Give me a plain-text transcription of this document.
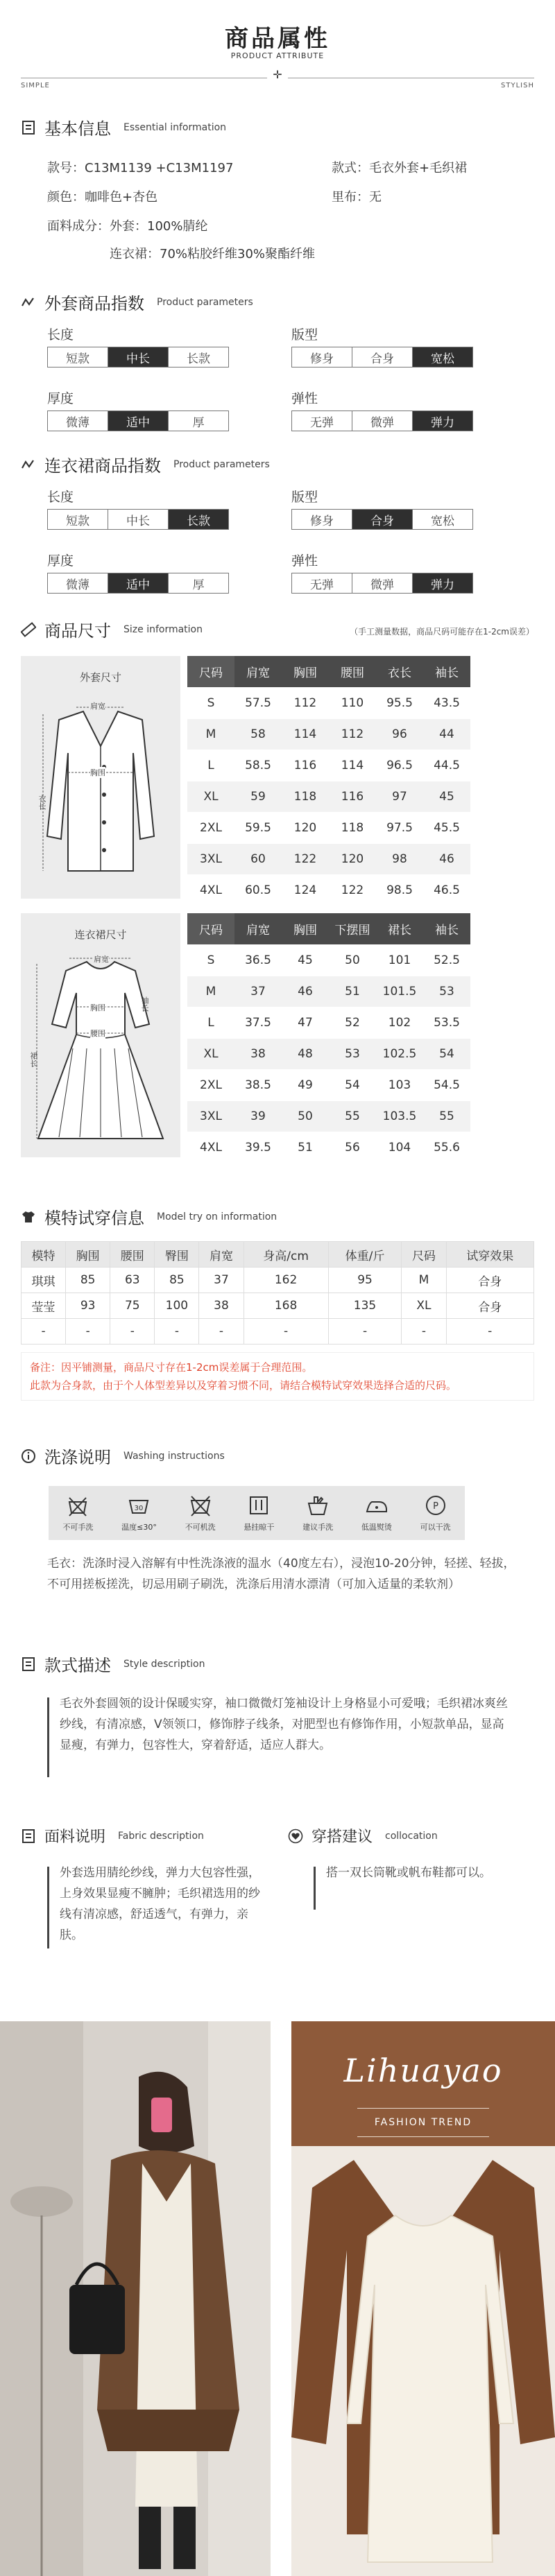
商品属性
PRODUCT ATTRIBUTE
✛
SIMPLE	STYLISH
基本信息 Essential information
款号：C13M1139 +C13M1197	款式：毛衣外套+毛织裙
颜色：咖啡色+杏色	里布：无
面料成分：外套：100%腈纶
连衣裙：70%粘胶纤维30%聚酯纤维
外套商品指数 Product parameters
长度
短款	中长	长款
版型
修身	合身	宽松
厚度
微薄	适中	厚
弹性
无弹	微弹	弹力
连衣裙商品指数 Product parameters
长度
短款	中长	长款
版型
修身	合身	宽松
厚度
微薄	适中	厚
弹性
无弹	微弹	弹力
商品尺寸 Size information	（手工测量数据，商品尺码可能存在1-2cm误差）
外套尺寸
肩宽
胸围
衣长
尺码	肩宽	胸围	腰围	衣长	袖长
S	57.5	112	110	95.5	43.5
M	58	114	112	96	44
L	58.5	116	114	96.5	44.5
XL	59	118	116	97	45
2XL	59.5	120	118	97.5	45.5
3XL	60	122	120	98	46
4XL	60.5	124	122	98.5	46.5
连衣裙尺寸
肩宽
袖长
胸围
腰围
裙长
尺码	肩宽	胸围	下摆围	裙长	袖长
S	36.5	45	50	101	52.5
M	37	46	51	101.5	53
L	37.5	47	52	102	53.5
XL	38	48	53	102.5	54
2XL	38.5	49	54	103	54.5
3XL	39	50	55	103.5	55
4XL	39.5	51	56	104	55.6
模特试穿信息 Model try on information
模特	胸围	腰围	臀围	肩宽	身高/cm	体重/斤	尺码	试穿效果
琪琪	85	63	85	37	162	95	M	合身
莹莹	93	75	100	38	168	135	XL	合身
-	-	-	-	-	-	-	-	-
备注：因平铺测量，商品尺寸存在1-2cm误差属于合理范围。
此款为合身款，由于个人体型差异以及穿着习惯不同，请结合模特试穿效果选择合适的尺码。
洗涤说明 Washing instructions
不可手洗
30
温度≤30°	不可机洗	悬挂晾干	建议手洗	低温熨烫
P
可以干洗
毛衣：洗涤时浸入溶解有中性洗涤液的温水（40度左右），浸泡10-20分钟，轻搓、轻拔，不可用搓板搓洗，切忌用刷子刷洗，洗涤后用清水漂清（可加入适量的柔软剂）
款式描述 Style description
毛衣外套圆领的设计保暖实穿，袖口微微灯笼袖设计上身格显小可爱哦；毛织裙冰爽丝纱线，有清凉感，V领领口，修饰脖子线条，对肥型也有修饰作用，小短款单品，显高显瘦，有弹力，包容性大，穿着舒适，适应人群大。
面料说明 Fabric description
外套选用腈纶纱线，弹力大包容性强，上身效果显瘦不臃肿；毛织裙选用的纱线有清凉感，舒适透气，有弹力，亲肤。
穿搭建议 collocation
搭一双长筒靴或帆布鞋都可以。
Lihuayao
FASHION TREND
